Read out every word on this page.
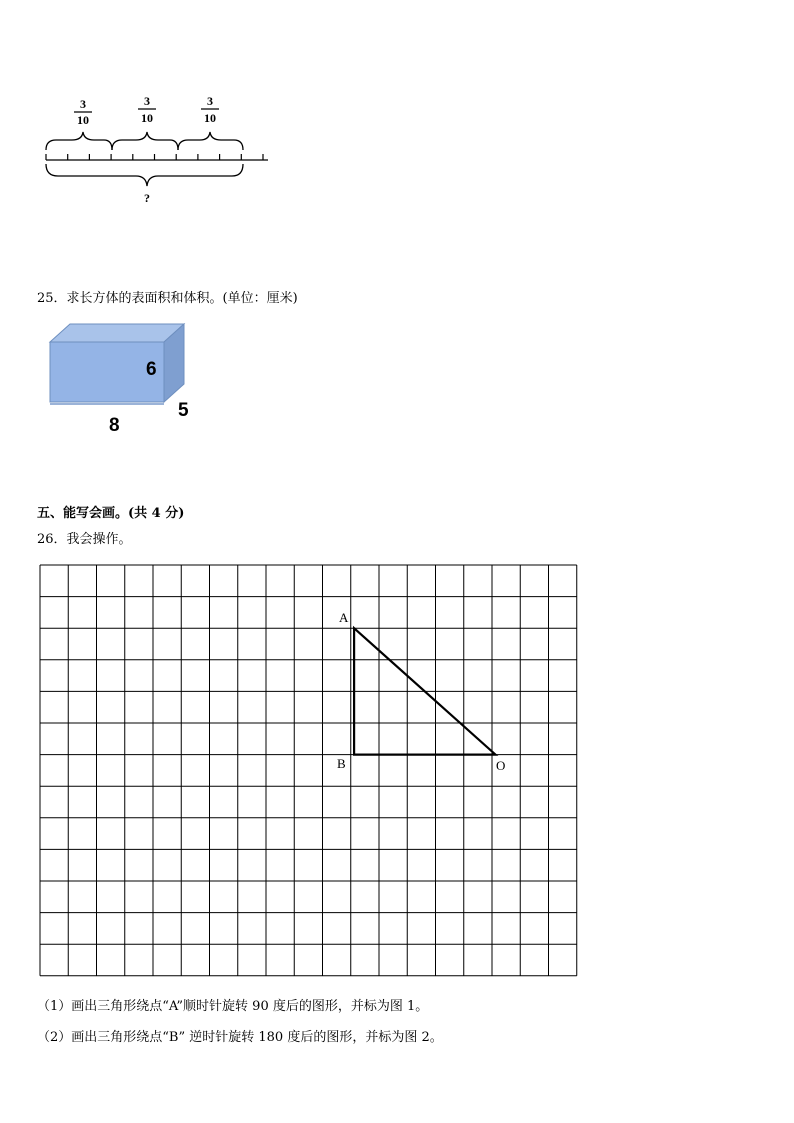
3
10
3
10
3
10
?
25．求长方体的表面积和体积。(单位：厘米)
6
5
8
五、能写会画。(共 4 分)
26．我会操作。
A
B	O
（1）画出三角形绕点“A”顺时针旋转 90 度后的图形，并标为图 1。
（2）画出三角形绕点“B” 逆时针旋转 180 度后的图形，并标为图 2。
